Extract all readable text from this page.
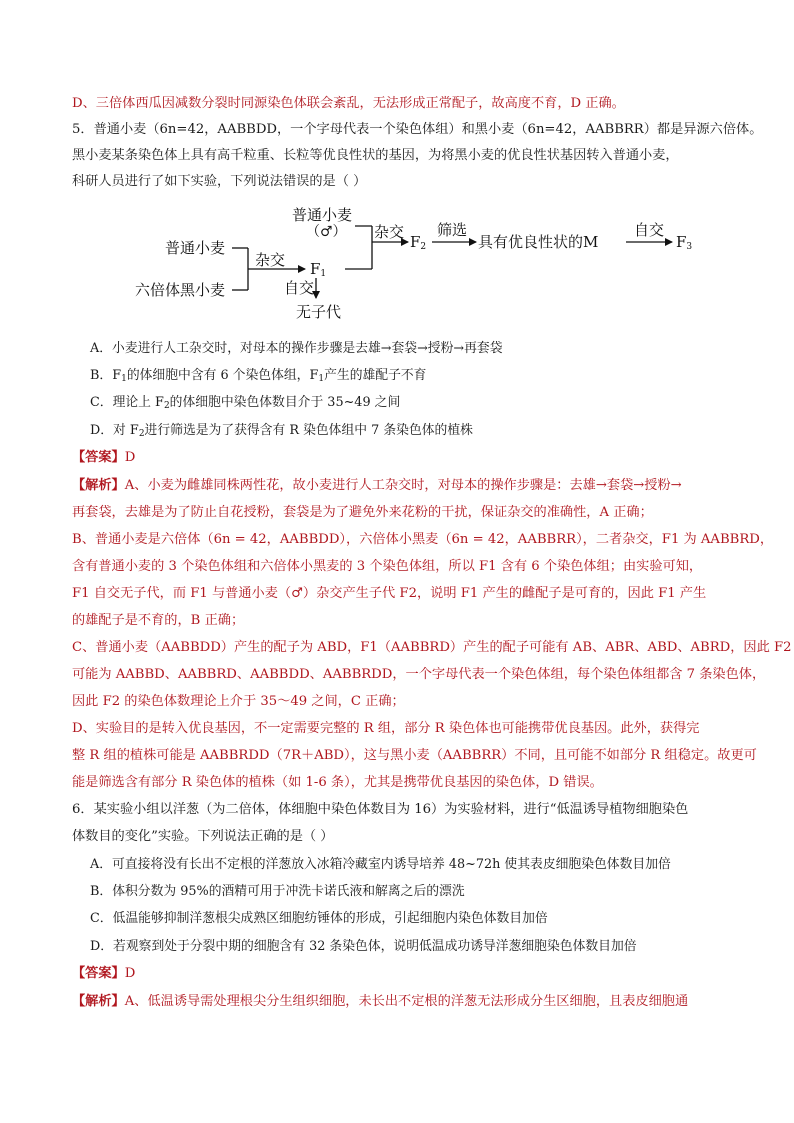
D、三倍体西瓜因减数分裂时同源染色体联会紊乱，无法形成正常配子，故高度不育，D 正确。
5．普通小麦（6n=42，AABBDD，一个字母代表一个染色体组）和黑小麦（6n=42，AABBRR）都是异源六倍体。
黑小麦某条染色体上具有高千粒重、长粒等优良性状的基因，为将黑小麦的优良性状基因转入普通小麦，
科研人员进行了如下实验，下列说法错误的是（ ）
普通小麦
（♂）
普通小麦
六倍体黑小麦
杂交 $F_1$
自交
无子代
杂交
$F_2$
筛选
具有优良性状的M
自交
$F_3$
A．小麦进行人工杂交时，对母本的操作步骤是去雄→套袋→授粉→再套袋
B．$F_1$的体细胞中含有 6 个染色体组，$F_1$产生的雄配子不育
C．理论上 $F_2$的体细胞中染色体数目介于 35~49 之间
D．对 $F_2$进行筛选是为了获得含有 R 染色体组中 7 条染色体的植株
【答案】D
【解析】A、小麦为雌雄同株两性花，故小麦进行人工杂交时，对母本的操作步骤是：去雄→套袋→授粉→
再套袋，去雄是为了防止自花授粉，套袋是为了避免外来花粉的干扰，保证杂交的准确性，A 正确；
B、普通小麦是六倍体（6n = 42，AABBDD），六倍体小黑麦（6n = 42，AABBRR），二者杂交，F1 为 AABBRD，
含有普通小麦的 3 个染色体组和六倍体小黑麦的 3 个染色体组，所以 F1 含有 6 个染色体组；由实验可知，
F1 自交无子代，而 F1 与普通小麦（♂）杂交产生子代 F2，说明 F1 产生的雌配子是可育的，因此 F1 产生
的雄配子是不育的，B 正确；
C、普通小麦（AABBDD）产生的配子为 ABD，F1（AABBRD）产生的配子可能有 AB、ABR、ABD、ABRD，因此 F2
可能为 AABBD、AABBRD、AABBDD、AABBRDD，一个字母代表一个染色体组，每个染色体组都含 7 条染色体，
因此 F2 的染色体数理论上介于 35～49 之间，C 正确；
D、实验目的是转入优良基因，不一定需要完整的 R 组，部分 R 染色体也可能携带优良基因。此外，获得完
整 R 组的植株可能是 AABBRDD（7R＋ABD），这与黑小麦（AABBRR）不同，且可能不如部分 R 组稳定。故更可
能是筛选含有部分 R 染色体的植株（如 1-6 条），尤其是携带优良基因的染色体，D 错误。
6．某实验小组以洋葱（为二倍体，体细胞中染色体数目为 16）为实验材料，进行“低温诱导植物细胞染色
体数目的变化”实验。下列说法正确的是（ ）
A．可直接将没有长出不定根的洋葱放入冰箱冷藏室内诱导培养 48~72h 使其表皮细胞染色体数目加倍
B．体积分数为 95%的酒精可用于冲洗卡诺氏液和解离之后的漂洗
C．低温能够抑制洋葱根尖成熟区细胞纺锤体的形成，引起细胞内染色体数目加倍
D．若观察到处于分裂中期的细胞含有 32 条染色体，说明低温成功诱导洋葱细胞染色体数目加倍
【答案】D
【解析】A、低温诱导需处理根尖分生组织细胞，未长出不定根的洋葱无法形成分生区细胞，且表皮细胞通
